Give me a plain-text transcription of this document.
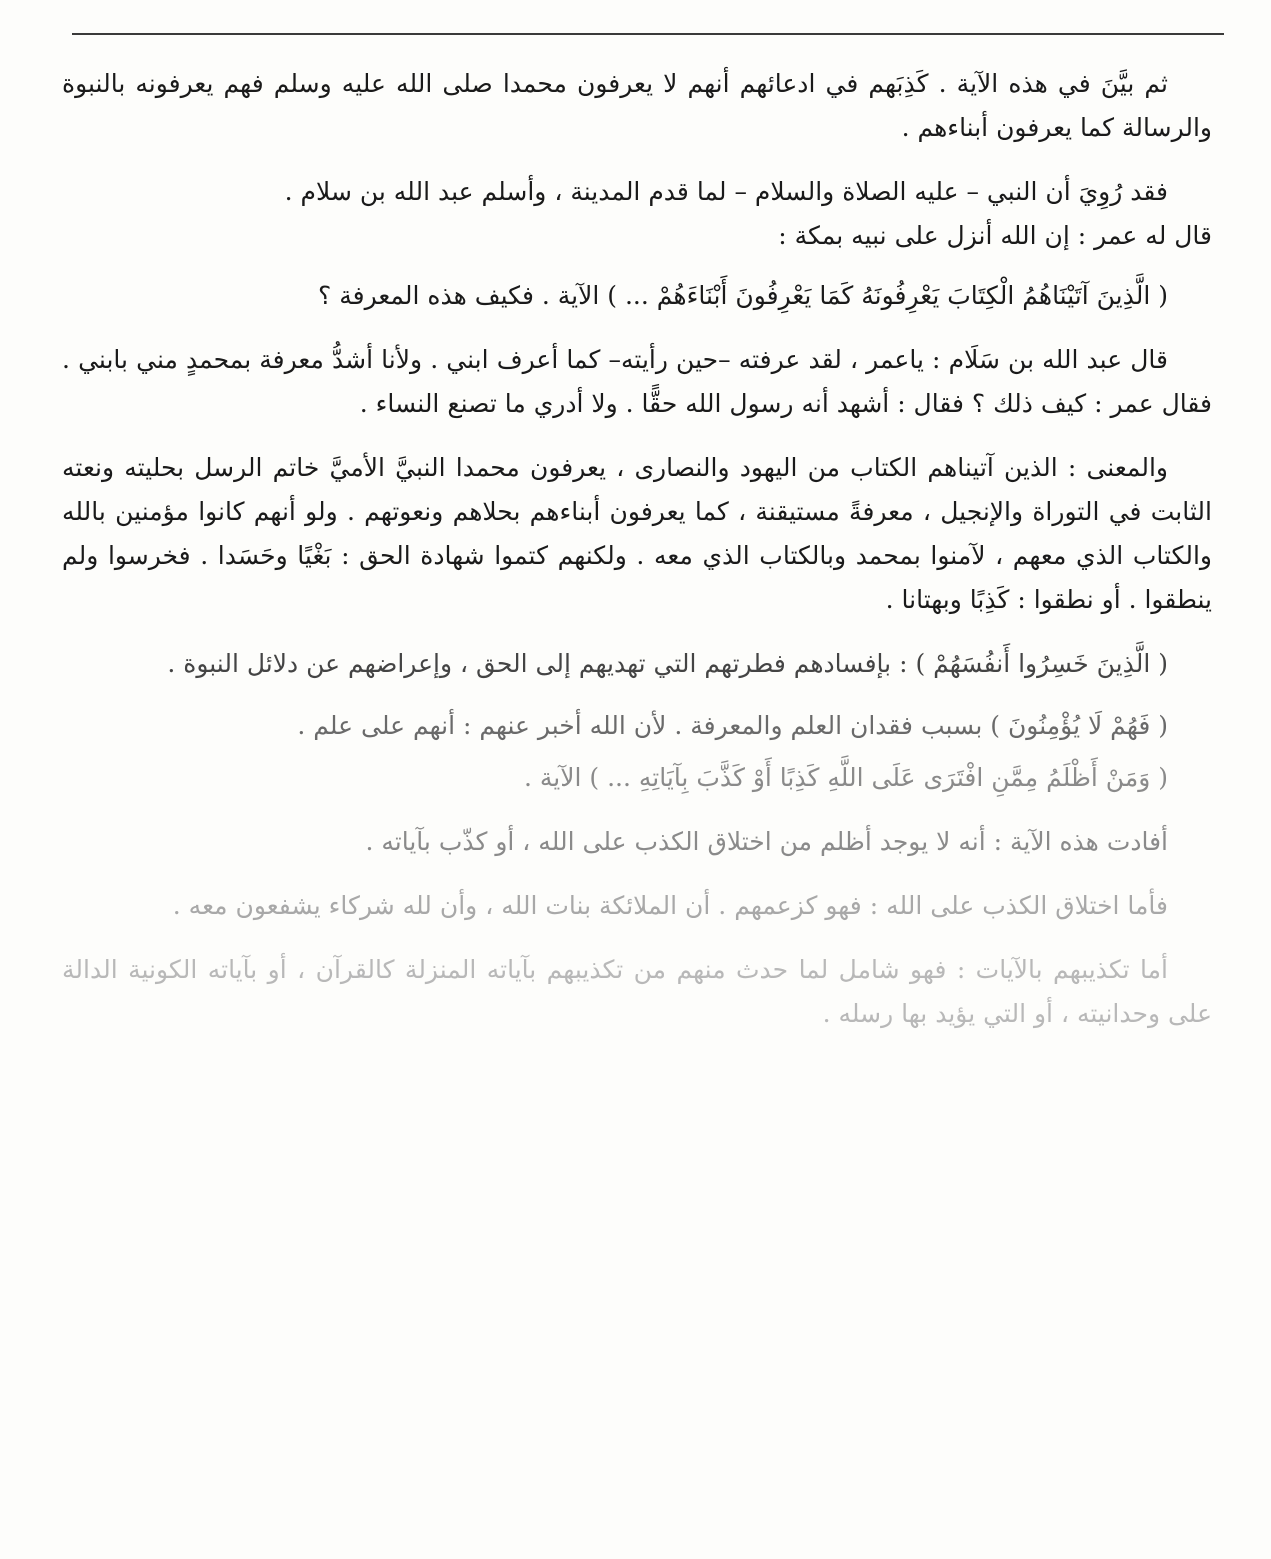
ثم بيَّنَ في هذه الآية . كَذِبَهم في ادعائهم أنهم لا يعرفون محمدا صلى الله عليه وسلم فهم يعرفونه بالنبوة والرسالة كما يعرفون أبناءهم .

فقد رُوِيَ أن النبي – عليه الصلاة والسلام – لما قدم المدينة ، وأسلم عبد الله بن سلام .

قال له عمر : إن الله أنزل على نبيه بمكة :

( الَّذِينَ آتَيْنَاهُمُ الْكِتَابَ يَعْرِفُونَهُ كَمَا يَعْرِفُونَ أَبْنَاءَهُمْ ... ) الآية . فكيف هذه المعرفة ؟

قال عبد الله بن سَلَام : ياعمر ، لقد عرفته –حين رأيته– كما أعرف ابني . ولأنا أشدُّ معرفة بمحمدٍ مني بابني . فقال عمر : كيف ذلك ؟ فقال : أشهد أنه رسول الله حقًّا . ولا أدري ما تصنع النساء .

والمعنى : الذين آتيناهم الكتاب من اليهود والنصارى ، يعرفون محمدا النبيَّ الأميَّ خاتم الرسل بحليته ونعته الثابت في التوراة والإنجيل ، معرفةً مستيقنة ، كما يعرفون أبناءهم بحلاهم ونعوتهم . ولو أنهم كانوا مؤمنين بالله والكتاب الذي معهم ، لآمنوا بمحمد وبالكتاب الذي معه . ولكنهم كتموا شهادة الحق : بَغْيًا وحَسَدا . فخرسوا ولم ينطقوا . أو نطقوا : كَذِبًا وبهتانا .

( الَّذِينَ خَسِرُوا أَنفُسَهُمْ ) : بإفسادهم فطرتهم التي تهديهم إلى الحق ، وإعراضهم عن دلائل النبوة .

( فَهُمْ لَا يُؤْمِنُونَ ) بسبب فقدان العلم والمعرفة . لأن الله أخبر عنهم : أنهم على علم .

( وَمَنْ أَظْلَمُ مِمَّنِ افْتَرَى عَلَى اللَّهِ كَذِبًا أَوْ كَذَّبَ بِآيَاتِهِ ... ) الآية .

أفادت هذه الآية : أنه لا يوجد أظلم من اختلاق الكذب على الله ، أو كذّب بآياته .

فأما اختلاق الكذب على الله : فهو كزعمهم . أن الملائكة بنات الله ، وأن لله شركاء يشفعون معه .

أما تكذيبهم بالآيات : فهو شامل لما حدث منهم من تكذيبهم بآياته المنزلة كالقرآن ، أو بآياته الكونية الدالة على وحدانيته ، أو التي يؤيد بها رسله .
